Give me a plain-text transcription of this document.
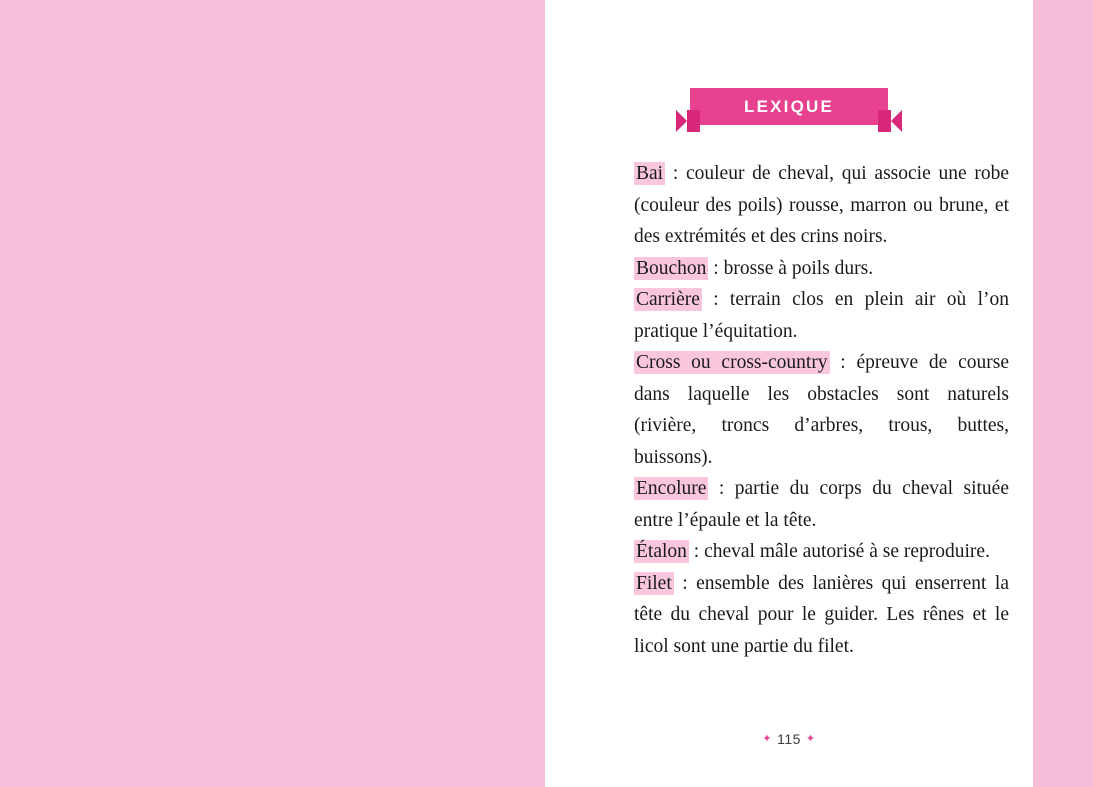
LEXIQUE

Bai : couleur de cheval, qui associe une robe (couleur des poils) rousse, marron ou brune, et des extrémités et des crins noirs.

Bouchon : brosse à poils durs.

Carrière : terrain clos en plein air où l’on pratique l’équitation.

Cross ou cross-country : épreuve de course dans laquelle les obstacles sont naturels (rivière, troncs d’arbres, trous, buttes, buissons).

Encolure : partie du corps du cheval située entre l’épaule et la tête.

Étalon : cheval mâle autorisé à se reproduire.

Filet : ensemble des lanières qui enserrent la tête du cheval pour le guider. Les rênes et le licol sont une partie du filet.

✦ 115 ✦
